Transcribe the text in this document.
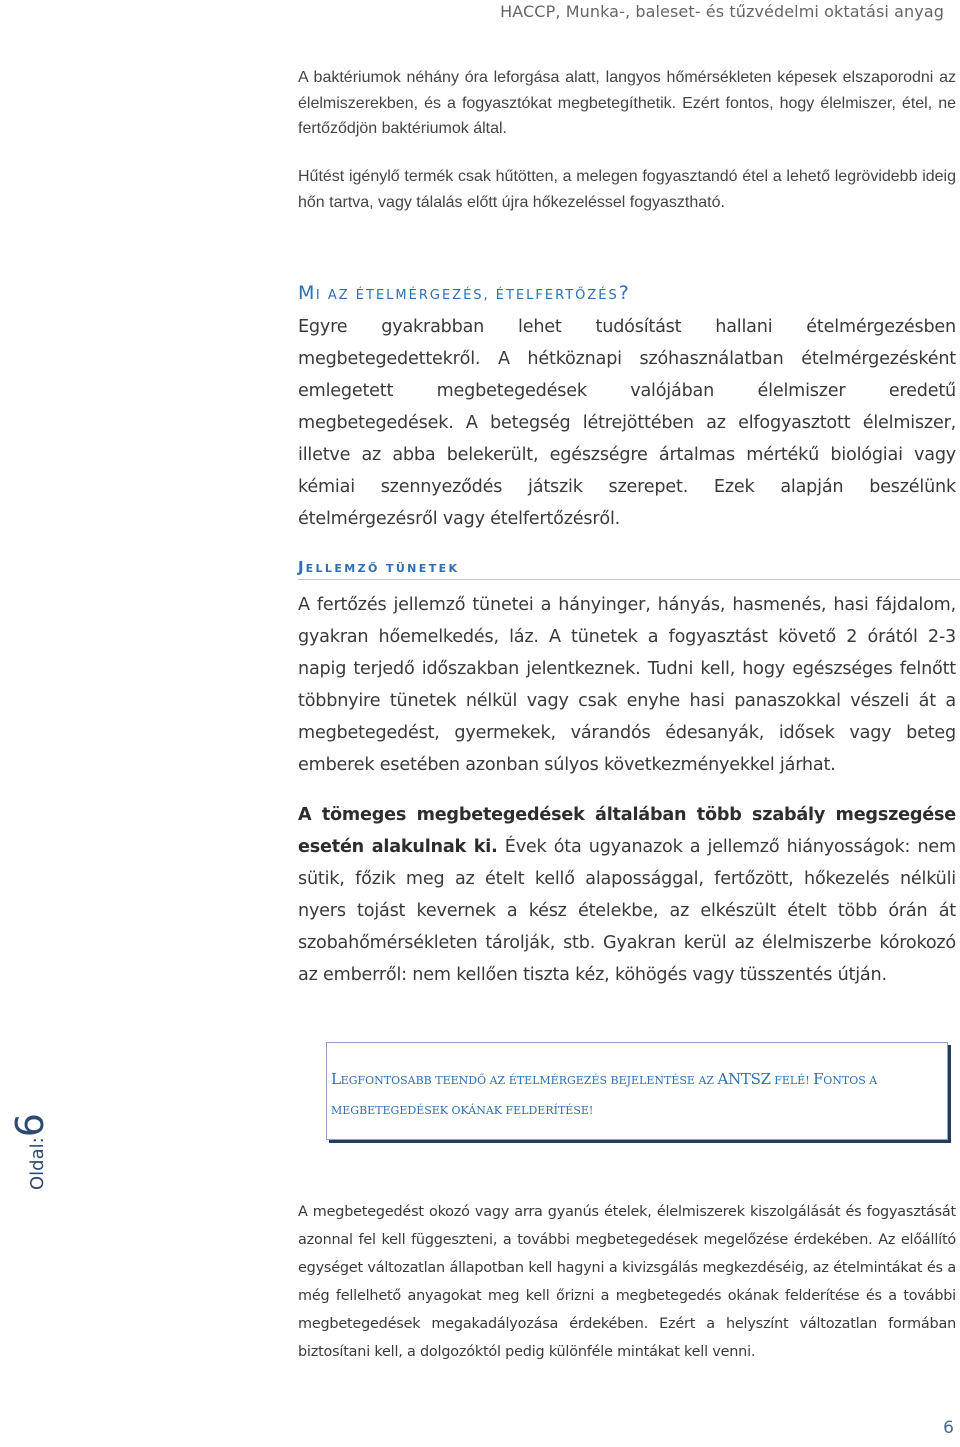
HACCP, Munka-, baleset- és tűzvédelmi oktatási anyag

A baktériumok néhány óra leforgása alatt, langyos hőmérsékleten képesek elszaporodni az élelmiszerekben, és a fogyasztókat megbetegíthetik. Ezért fontos, hogy élelmiszer, étel, ne fertőződjön baktériumok által.

Hűtést igénylő termék csak hűtötten, a melegen fogyasztandó étel a lehető legrövidebb ideig hőn tartva, vagy tálalás előtt újra hőkezeléssel fogyasztható.

MI AZ ÉTELMÉRGEZÉS, ÉTELFERTŐZÉS?

Egyre gyakrabban lehet tudósítást hallani ételmérgezésben megbetegedettekről. A hétköznapi szóhasználatban ételmérgezésként emlegetett megbetegedések valójában élelmiszer eredetű megbetegedések. A betegség létrejöttében az elfogyasztott élelmiszer, illetve az abba belekerült, egészségre ártalmas mértékű biológiai vagy kémiai szennyeződés játszik szerepet. Ezek alapján beszélünk ételmérgezésről vagy ételfertőzésről.

JELLEMZŐ TÜNETEK

A fertőzés jellemző tünetei a hányinger, hányás, hasmenés, hasi fájdalom, gyakran hőemelkedés, láz. A tünetek a fogyasztást követő 2 órától 2-3 napig terjedő időszakban jelentkeznek. Tudni kell, hogy egészséges felnőtt többnyire tünetek nélkül vagy csak enyhe hasi panaszokkal vészeli át a megbetegedést, gyermekek, várandós édesanyák, idősek vagy beteg emberek esetében azonban súlyos következményekkel járhat.

A tömeges megbetegedések általában több szabály megszegése esetén alakulnak ki. Évek óta ugyanazok a jellemző hiányosságok: nem sütik, főzik meg az ételt kellő alapossággal, fertőzött, hőkezelés nélküli nyers tojást kevernek a kész ételekbe, az elkészült ételt több órán át szobahőmérsékleten tárolják, stb. Gyakran kerül az élelmiszerbe kórokozó az emberről: nem kellően tiszta kéz, köhögés vagy tüsszentés útján.

LEGFONTOSABB TEENDŐ AZ ÉTELMÉRGEZÉS BEJELENTÉSE AZ ANTSZ FELÉ! FONTOS A MEGBETEGEDÉSEK OKÁNAK FELDERÍTÉSE!

Oldal:6

A megbetegedést okozó vagy arra gyanús ételek, élelmiszerek kiszolgálását és fogyasztását azonnal fel kell függeszteni, a további megbetegedések megelőzése érdekében. Az előállító egységet változatlan állapotban kell hagyni a kivizsgálás megkezdéséig, az ételmintákat és a még fellelhető anyagokat meg kell őrizni a megbetegedés okának felderítése és a további megbetegedések megakadályozása érdekében. Ezért a helyszínt változatlan formában biztosítani kell, a dolgozóktól pedig különféle mintákat kell venni.

6
